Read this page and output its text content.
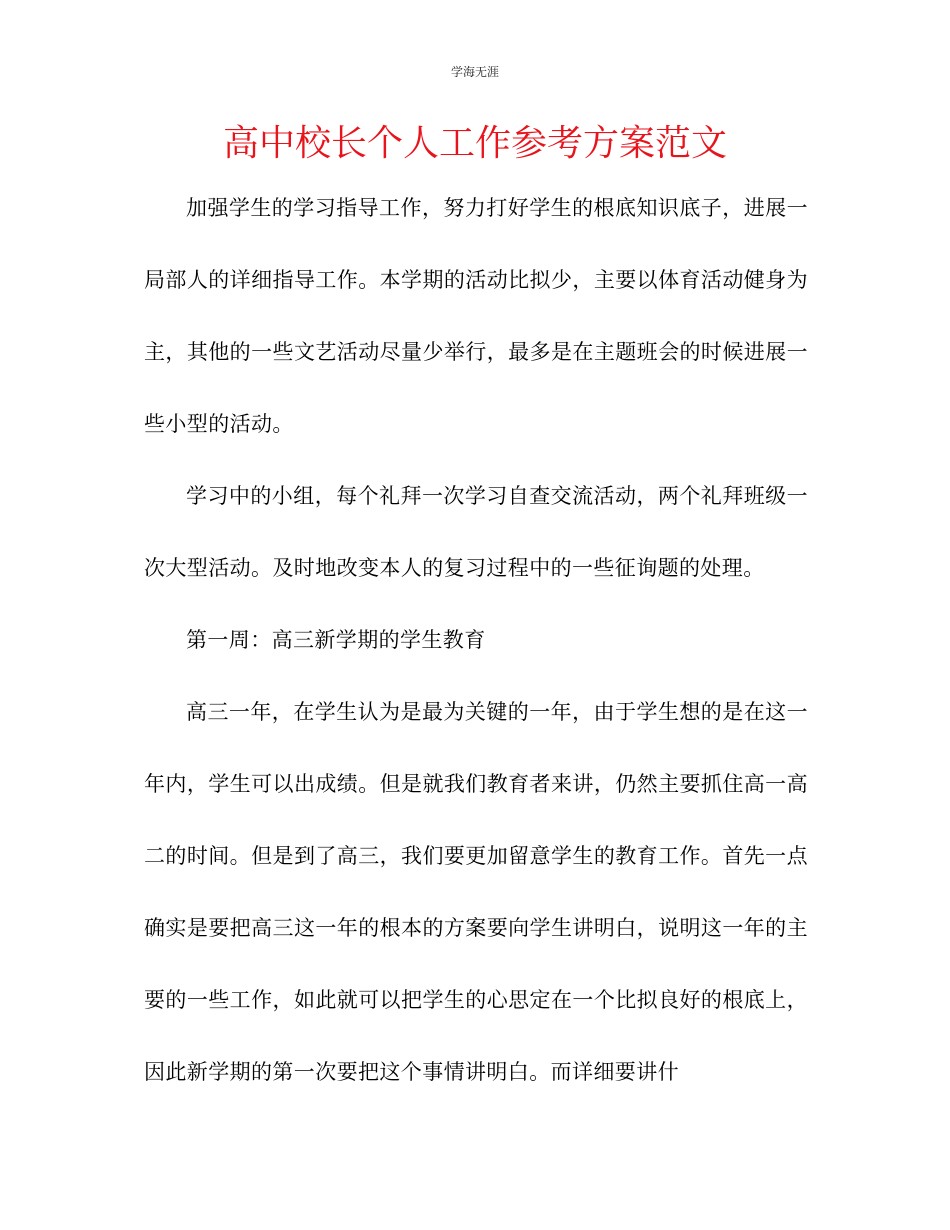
学海无涯
高中校长个人工作参考方案范文

加强学生的学习指导工作，努力打好学生的根底知识底子，进展一局部人的详细指导工作。本学期的活动比拟少，主要以体育活动健身为主，其他的一些文艺活动尽量少举行，最多是在主题班会的时候进展一些小型的活动。

学习中的小组，每个礼拜一次学习自查交流活动，两个礼拜班级一次大型活动。及时地改变本人的复习过程中的一些征询题的处理。

第一周：高三新学期的学生教育

高三一年，在学生认为是最为关键的一年，由于学生想的是在这一年内，学生可以出成绩。但是就我们教育者来讲，仍然主要抓住高一高二的时间。但是到了高三，我们要更加留意学生的教育工作。首先一点确实是要把高三这一年的根本的方案要向学生讲明白，说明这一年的主要的一些工作，如此就可以把学生的心思定在一个比拟良好的根底上，因此新学期的第一次要把这个事情讲明白。而详细要讲什
